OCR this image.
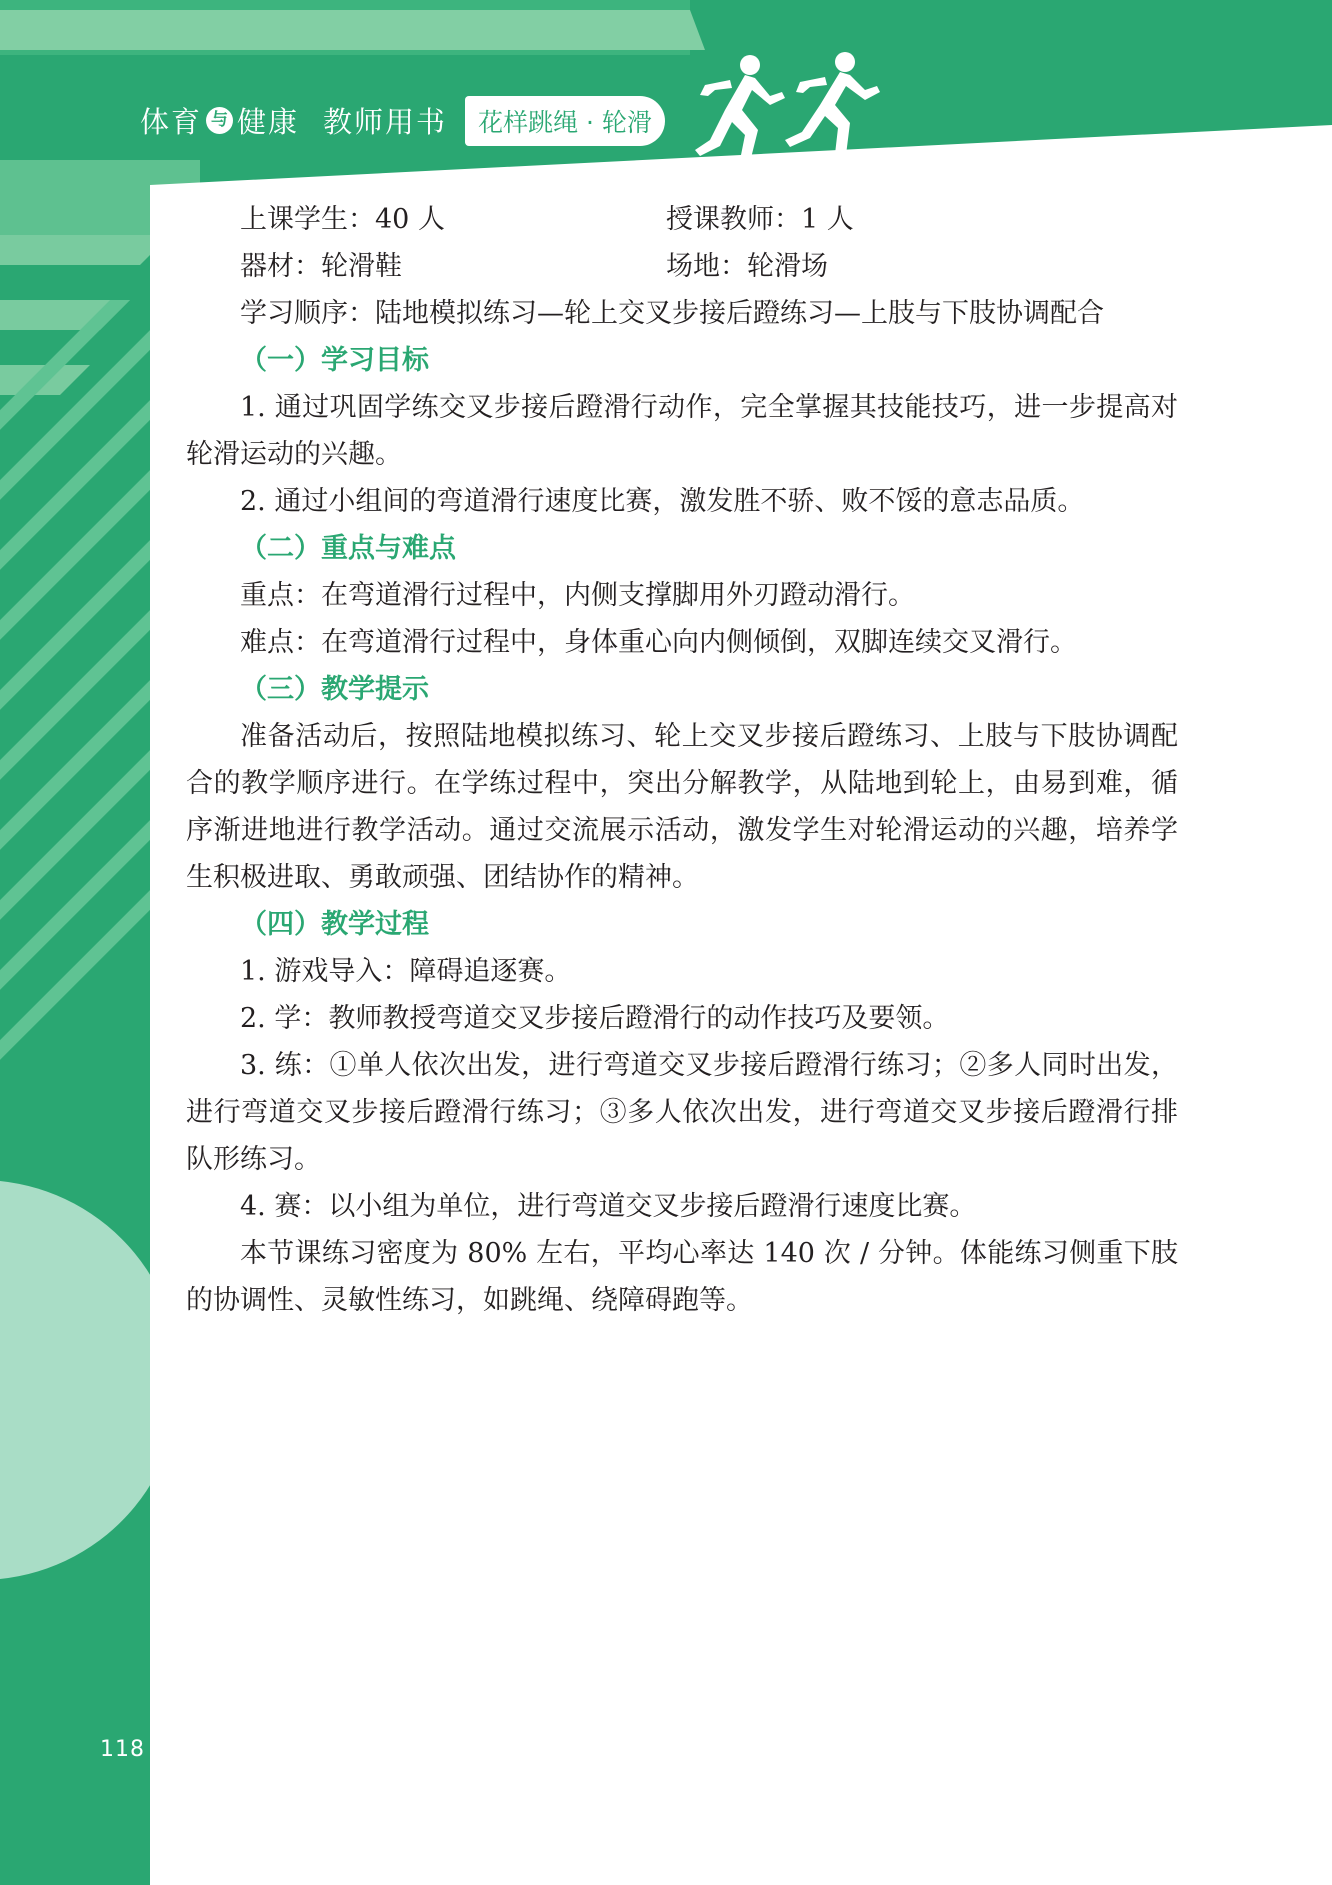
体育 与 健康 教师用书 花样跳绳 · 轮滑
上课学生：40 人	授课教师：1 人
器材：轮滑鞋	场地：轮滑场

学习顺序：陆地模拟练习—轮上交叉步接后蹬练习—上肢与下肢协调配合

（一）学习目标

1. 通过巩固学练交叉步接后蹬滑行动作，完全掌握其技能技巧，进一步提高对轮滑运动的兴趣。

2. 通过小组间的弯道滑行速度比赛，激发胜不骄、败不馁的意志品质。

（二）重点与难点

重点：在弯道滑行过程中，内侧支撑脚用外刃蹬动滑行。

难点：在弯道滑行过程中，身体重心向内侧倾倒，双脚连续交叉滑行。

（三）教学提示

准备活动后，按照陆地模拟练习、轮上交叉步接后蹬练习、上肢与下肢协调配合的教学顺序进行。在学练过程中，突出分解教学，从陆地到轮上，由易到难，循序渐进地进行教学活动。通过交流展示活动，激发学生对轮滑运动的兴趣，培养学生积极进取、勇敢顽强、团结协作的精神。

（四）教学过程

1. 游戏导入：障碍追逐赛。

2. 学：教师教授弯道交叉步接后蹬滑行的动作技巧及要领。

3. 练：①单人依次出发，进行弯道交叉步接后蹬滑行练习；②多人同时出发，进行弯道交叉步接后蹬滑行练习；③多人依次出发，进行弯道交叉步接后蹬滑行排队形练习。

4. 赛：以小组为单位，进行弯道交叉步接后蹬滑行速度比赛。

本节课练习密度为 80% 左右，平均心率达 140 次 / 分钟。体能练习侧重下肢的协调性、灵敏性练习，如跳绳、绕障碍跑等。

118
